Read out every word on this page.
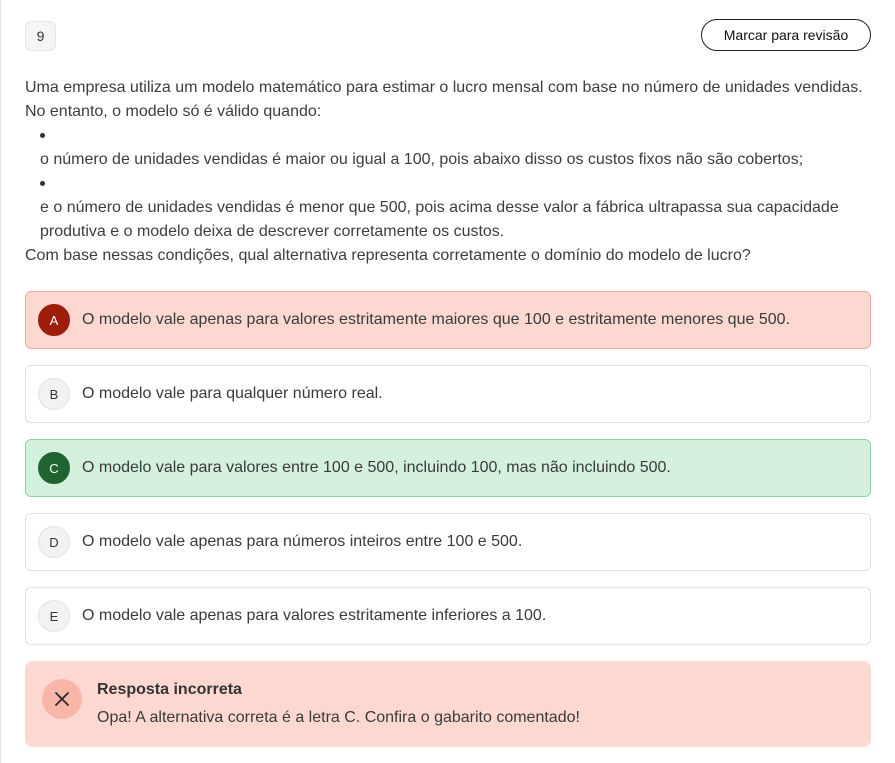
9	Marcar para revisão

Uma empresa utiliza um modelo matemático para estimar o lucro mensal com base no número de unidades vendidas. No entanto, o modelo só é válido quando:

o número de unidades vendidas é maior ou igual a 100, pois abaixo disso os custos fixos não são cobertos;
e o número de unidades vendidas é menor que 500, pois acima desse valor a fábrica ultrapassa sua capacidade produtiva e o modelo deixa de descrever corretamente os custos.

Com base nessas condições, qual alternativa representa corretamente o domínio do modelo de lucro?

A	O modelo vale apenas para valores estritamente maiores que 100 e estritamente menores que 500.
B	O modelo vale para qualquer número real.
C	O modelo vale para valores entre 100 e 500, incluindo 100, mas não incluindo 500.
D	O modelo vale apenas para números inteiros entre 100 e 500.
E	O modelo vale apenas para valores estritamente inferiores a 100.
Resposta incorreta
Opa! A alternativa correta é a letra C. Confira o gabarito comentado!
